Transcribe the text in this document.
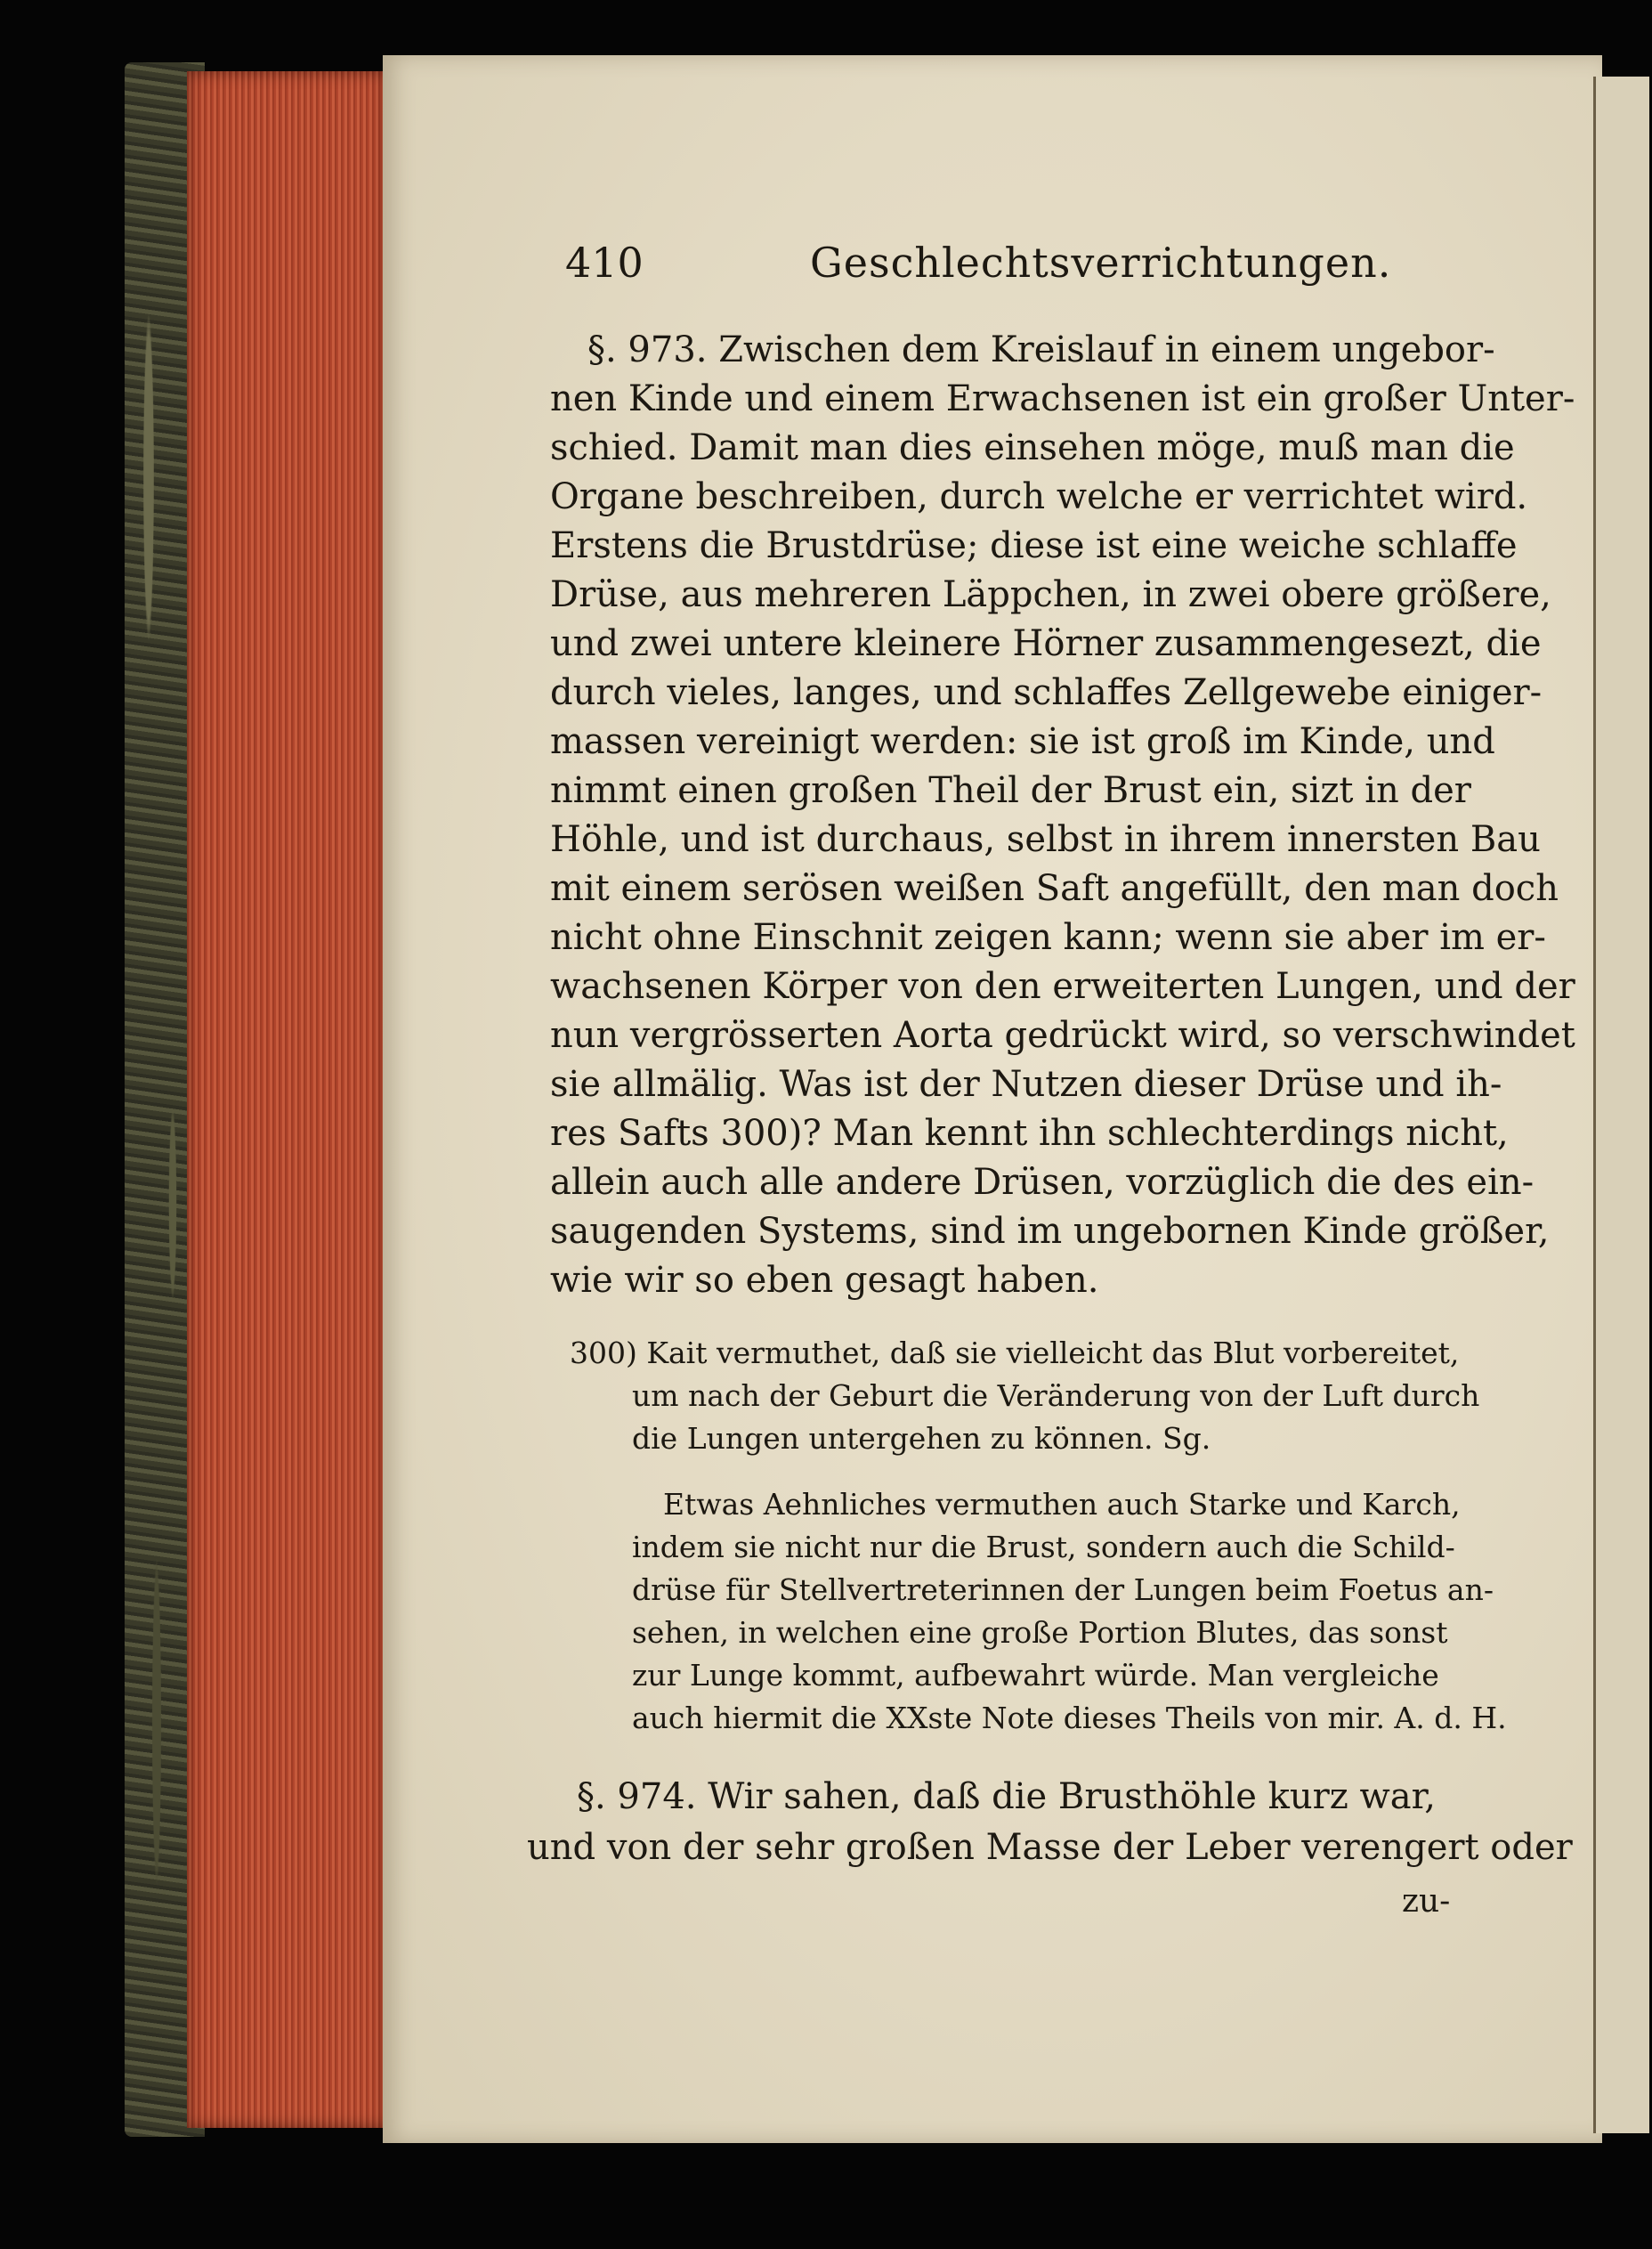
410	Geschlechtsverrichtungen.
§. 973. Zwischen dem Kreislauf in einem ungebor-
nen Kinde und einem Erwachsenen ist ein großer Unter-
schied. Damit man dies einsehen möge, muß man die
Organe beschreiben, durch welche er verrichtet wird.
Erstens die Brustdrüse; diese ist eine weiche schlaffe
Drüse, aus mehreren Läppchen, in zwei obere größere,
und zwei untere kleinere Hörner zusammengesezt, die
durch vieles, langes, und schlaffes Zellgewebe einiger-
massen vereinigt werden: sie ist groß im Kinde, und
nimmt einen großen Theil der Brust ein, sizt in der
Höhle, und ist durchaus, selbst in ihrem innersten Bau
mit einem serösen weißen Saft angefüllt, den man doch
nicht ohne Einschnit zeigen kann; wenn sie aber im er-
wachsenen Körper von den erweiterten Lungen, und der
nun vergrösserten Aorta gedrückt wird, so verschwindet
sie allmälig. Was ist der Nutzen dieser Drüse und ih-
res Safts 300)? Man kennt ihn schlechterdings nicht,
allein auch alle andere Drüsen, vorzüglich die des ein-
saugenden Systems, sind im ungebornen Kinde größer,
wie wir so eben gesagt haben.
300) Kait vermuthet, daß sie vielleicht das Blut vorbereitet,
um nach der Geburt die Veränderung von der Luft durch
die Lungen untergehen zu können. Sg.
Etwas Aehnliches vermuthen auch Starke und Karch,
indem sie nicht nur die Brust, sondern auch die Schild-
drüse für Stellvertreterinnen der Lungen beim Foetus an-
sehen, in welchen eine große Portion Blutes, das sonst
zur Lunge kommt, aufbewahrt würde. Man vergleiche
auch hiermit die XXste Note dieses Theils von mir. A. d. H.
§. 974. Wir sahen, daß die Brusthöhle kurz war,
und von der sehr großen Masse der Leber verengert oder
zu-
